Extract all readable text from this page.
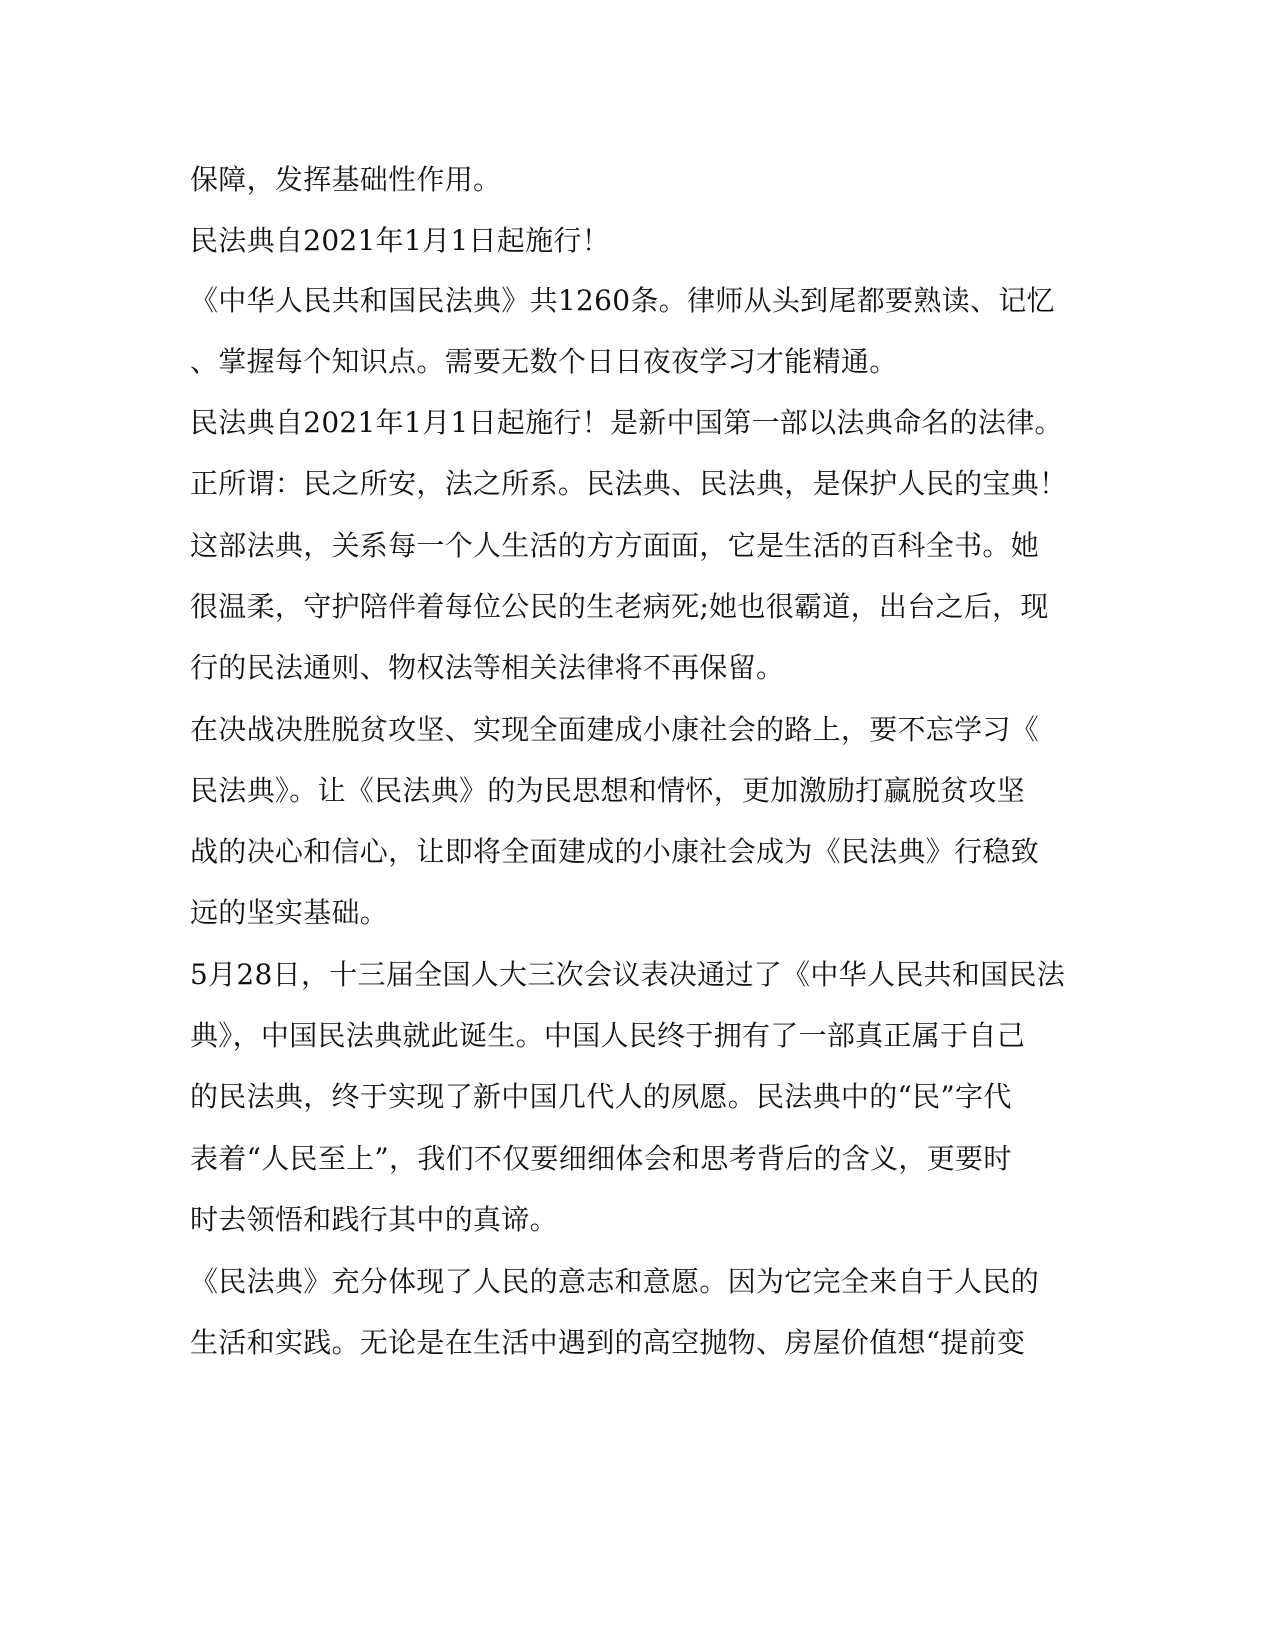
保障，发挥基础性作用。
民法典自2021年1月1日起施行！
《中华人民共和国民法典》共1260条。律师从头到尾都要熟读、记忆
、掌握每个知识点。需要无数个日日夜夜学习才能精通。
民法典自2021年1月1日起施行！是新中国第一部以法典命名的法律。
正所谓：民之所安，法之所系。民法典、民法典，是保护人民的宝典！
这部法典，关系每一个人生活的方方面面，它是生活的百科全书。她
很温柔，守护陪伴着每位公民的生老病死;她也很霸道，出台之后，现
行的民法通则、物权法等相关法律将不再保留。
在决战决胜脱贫攻坚、实现全面建成小康社会的路上，要不忘学习《
民法典》。让《民法典》的为民思想和情怀，更加激励打赢脱贫攻坚
战的决心和信心，让即将全面建成的小康社会成为《民法典》行稳致
远的坚实基础。
5月28日，十三届全国人大三次会议表决通过了《中华人民共和国民法
典》，中国民法典就此诞生。中国人民终于拥有了一部真正属于自己
的民法典，终于实现了新中国几代人的夙愿。民法典中的“民”字代
表着“人民至上”，我们不仅要细细体会和思考背后的含义，更要时
时去领悟和践行其中的真谛。
《民法典》充分体现了人民的意志和意愿。因为它完全来自于人民的
生活和实践。无论是在生活中遇到的高空抛物、房屋价值想“提前变
